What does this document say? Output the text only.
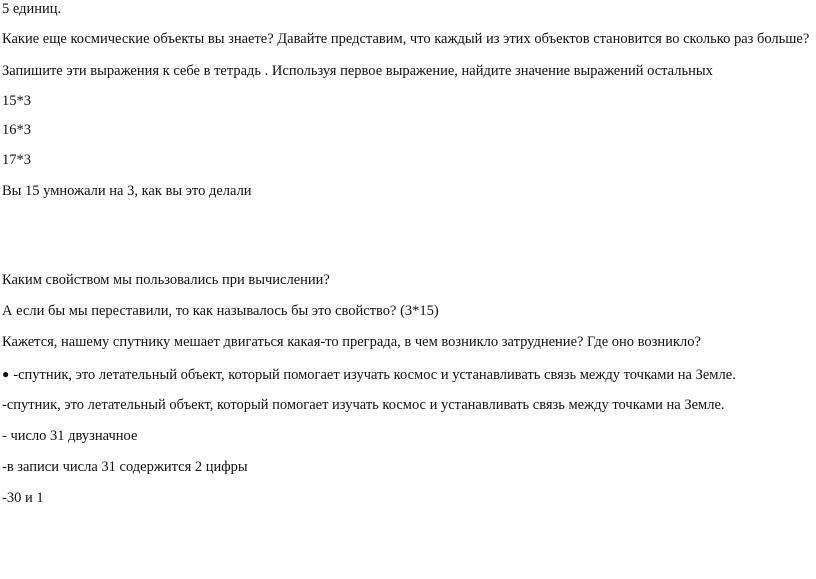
5 единиц.
Какие еще космические объекты вы знаете? Давайте представим, что каждый из этих объектов становится во сколько раз больше?
Запишите эти выражения к себе в тетрадь . Используя первое выражение, найдите значение выражений остальных
15*3
16*3
17*3
Вы 15 умножали на 3, как вы это делали
Каким свойством мы пользовались при вычислении?
А если бы мы переставили, то как называлось бы это свойство? (3*15)
Кажется, нашему спутнику мешает двигаться какая-то преграда, в чем возникло затруднение? Где оно возникло?
● -спутник, это летательный объект, который помогает изучать космос и устанавливать связь между точками на Земле.
-спутник, это летательный объект, который помогает изучать космос и устанавливать связь между точками на Земле.
- число 31 двузначное
-в записи числа 31 содержится 2 цифры
-30 и 1
